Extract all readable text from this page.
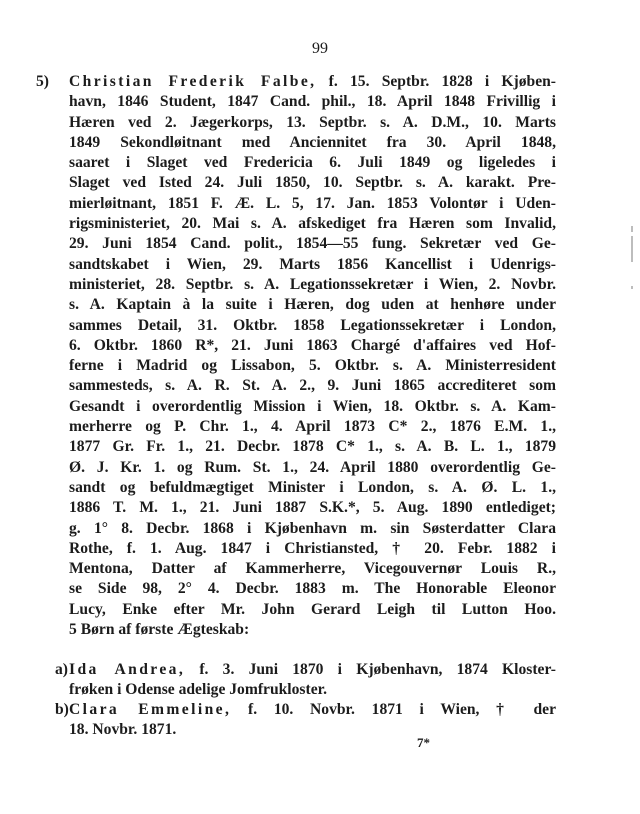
99
5) Christian Frederik Falbe, f. 15. Septbr. 1828 i Kjøben-
havn, 1846 Student, 1847 Cand. phil., 18. April 1848 Frivillig i
Hæren ved 2. Jægerkorps, 13. Septbr. s. A. D.M., 10. Marts
1849 Sekondløitnant med Anciennitet fra 30. April 1848,
saaret i Slaget ved Fredericia 6. Juli 1849 og ligeledes i
Slaget ved Isted 24. Juli 1850, 10. Septbr. s. A. karakt. Pre-
mierløitnant, 1851 F. Æ. L. 5, 17. Jan. 1853 Volontør i Uden-
rigsministeriet, 20. Mai s. A. afskediget fra Hæren som Invalid,
29. Juni 1854 Cand. polit., 1854—55 fung. Sekretær ved Ge-
sandtskabet i Wien, 29. Marts 1856 Kancellist i Udenrigs-
ministeriet, 28. Septbr. s. A. Legationssekretær i Wien, 2. Novbr.
s. A. Kaptain à la suite i Hæren, dog uden at henhøre under
sammes Detail, 31. Oktbr. 1858 Legationssekretær i London,
6. Oktbr. 1860 R*, 21. Juni 1863 Chargé d'affaires ved Hof-
ferne i Madrid og Lissabon, 5. Oktbr. s. A. Ministerresident
sammesteds, s. A. R. St. A. 2., 9. Juni 1865 accrediteret som
Gesandt i overordentlig Mission i Wien, 18. Oktbr. s. A. Kam-
merherre og P. Chr. 1., 4. April 1873 C* 2., 1876 E.M. 1.,
1877 Gr. Fr. 1., 21. Decbr. 1878 C* 1., s. A. B. L. 1., 1879
Ø. J. Kr. 1. og Rum. St. 1., 24. April 1880 overordentlig Ge-
sandt og befuldmægtiget Minister i London, s. A. Ø. L. 1.,
1886 T. M. 1., 21. Juni 1887 S.K.*, 5. Aug. 1890 entlediget;
g. 1° 8. Decbr. 1868 i Kjøbenhavn m. sin Søsterdatter Clara
Rothe, f. 1. Aug. 1847 i Christiansted, † 20. Febr. 1882 i
Mentona, Datter af Kammerherre, Vicegouvernør Louis R.,
se Side 98, 2° 4. Decbr. 1883 m. The Honorable Eleonor
Lucy, Enke efter Mr. John Gerard Leigh til Lutton Hoo.
5 Børn af første Ægteskab:
a)Ida Andrea, f. 3. Juni 1870 i Kjøbenhavn, 1874 Kloster-
frøken i Odense adelige Jomfrukloster.
b)Clara Emmeline, f. 10. Novbr. 1871 i Wien, † der
18. Novbr. 1871.
7*
